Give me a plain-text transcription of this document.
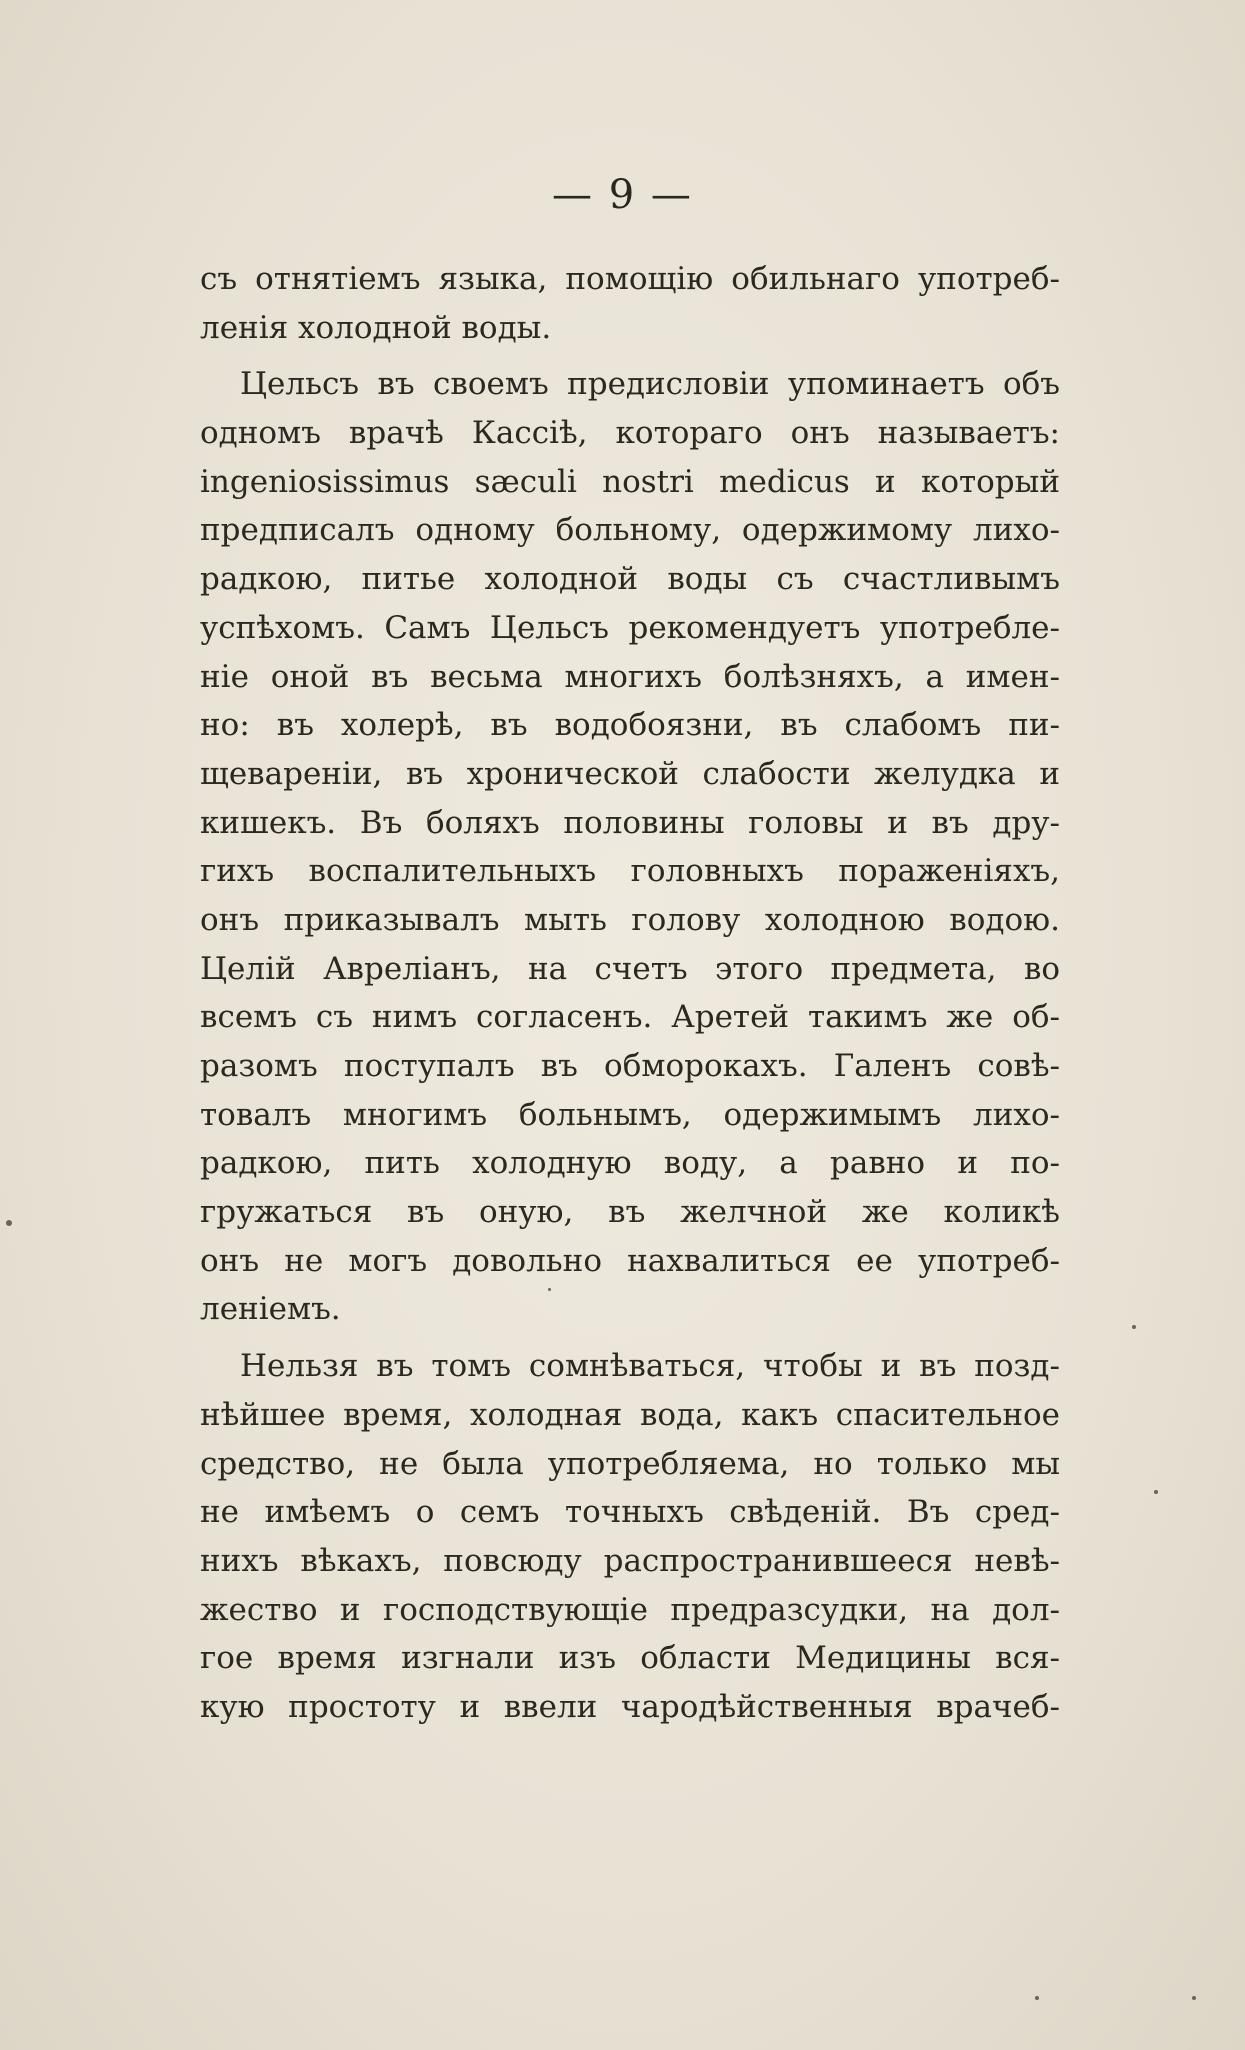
— 9 —
съ отнятіемъ языка, помощію обильнаго употреб-
ленія холодной воды.
Цельсъ въ своемъ предисловіи упоминаетъ объ
одномъ врачѣ Кассіѣ, котораго онъ называетъ:
ingeniosissimus sæculi nostri medicus и который
предписалъ одному больному, одержимому лихо-
радкою, питье холодной воды съ счастливымъ
успѣхомъ. Самъ Цельсъ рекомендуетъ употребле-
ніе оной въ весьма многихъ болѣзняхъ, а имен-
но: въ холерѣ, въ водобоязни, въ слабомъ пи-
щевареніи, въ хронической слабости желудка и
кишекъ. Въ боляхъ половины головы и въ дру-
гихъ воспалительныхъ головныхъ пораженіяхъ,
онъ приказывалъ мыть голову холодною водою.
Целій Авреліанъ, на счетъ этого предмета, во
всемъ съ нимъ согласенъ. Аретей такимъ же об-
разомъ поступалъ въ обморокахъ. Галенъ совѣ-
товалъ многимъ больнымъ, одержимымъ лихо-
радкою, пить холодную воду, а равно и по-
гружаться въ оную, въ желчной же коликѣ
онъ не могъ довольно нахвалиться ее употреб-
леніемъ.
Нельзя въ томъ сомнѣваться, чтобы и въ позд-
нѣйшее время, холодная вода, какъ спасительное
средство, не была употребляема, но только мы
не имѣемъ о семъ точныхъ свѣденій. Въ сред-
нихъ вѣкахъ, повсюду распространившееся невѣ-
жество и господствующіе предразсудки, на дол-
гое время изгнали изъ области Медицины вся-
кую простоту и ввели чародѣйственныя врачеб-
